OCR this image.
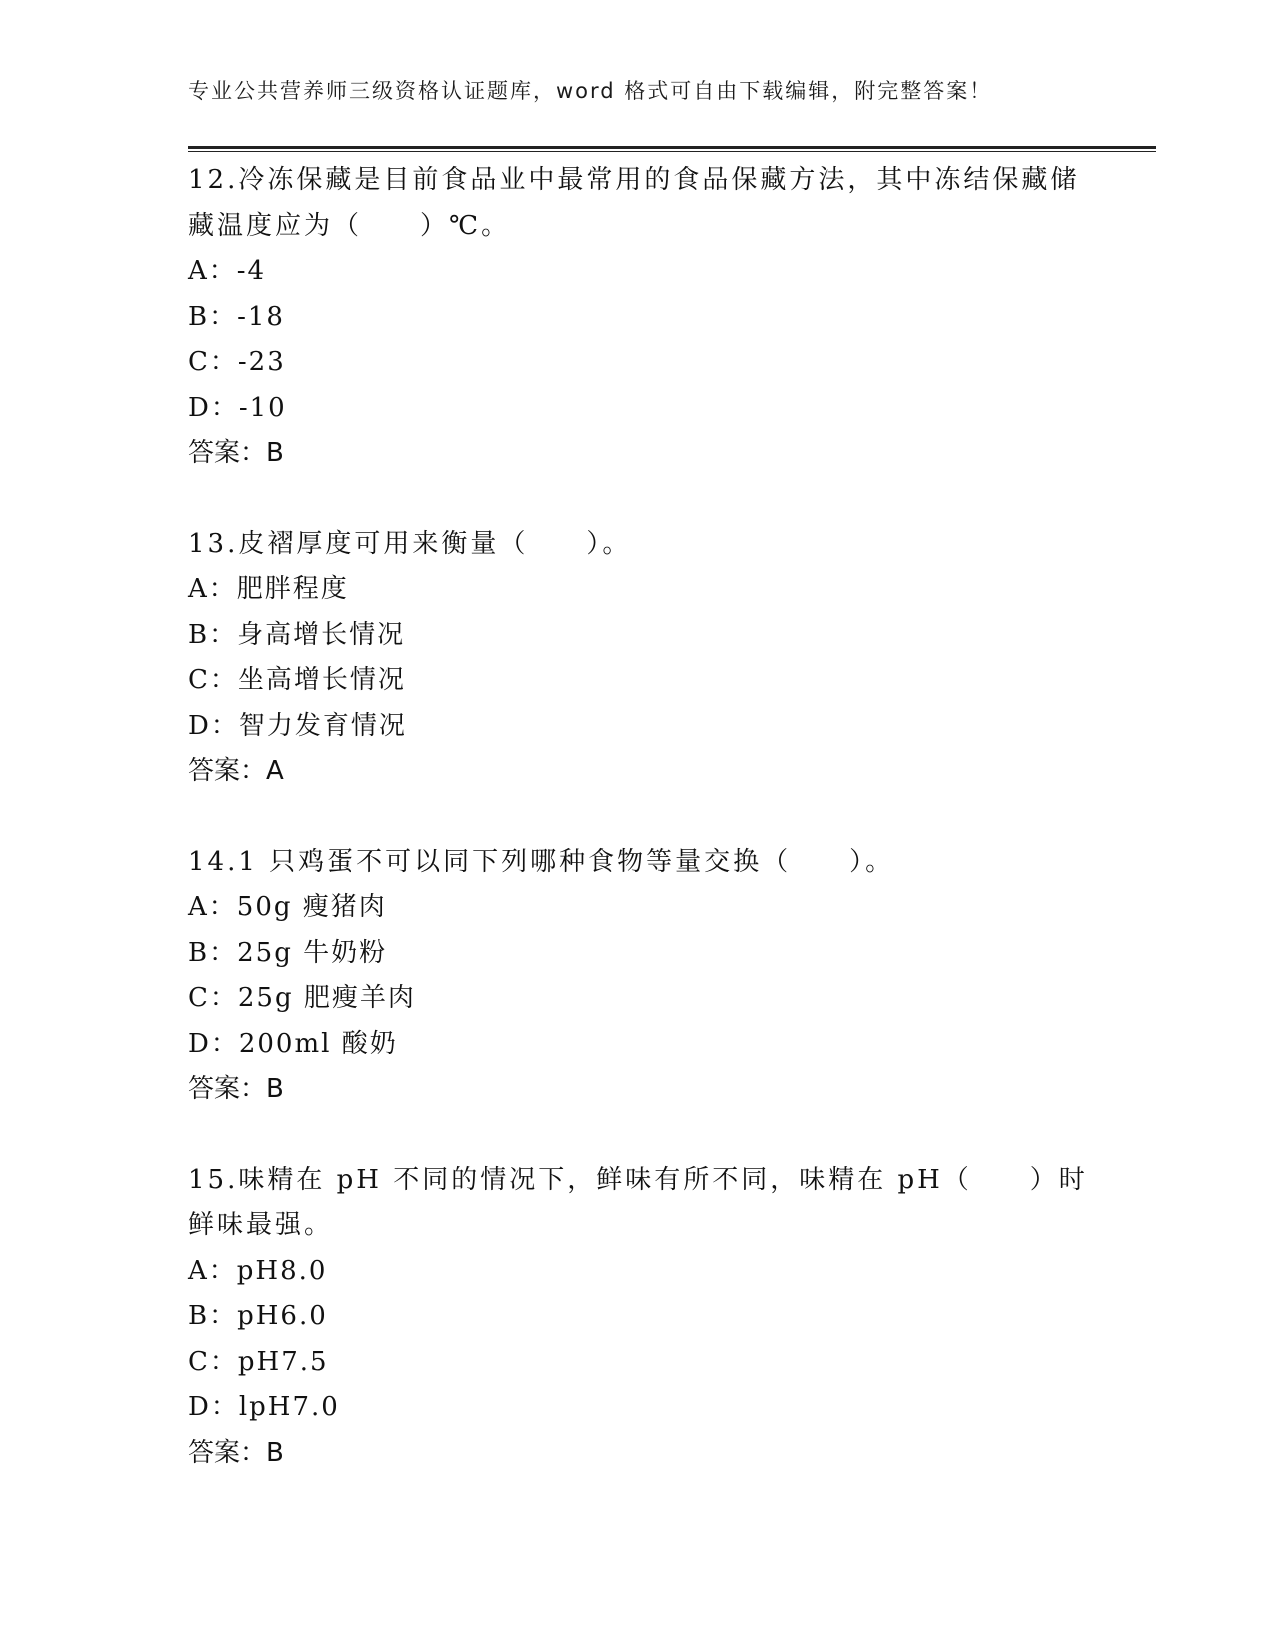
专业公共营养师三级资格认证题库，word 格式可自由下载编辑，附完整答案！

12.冷冻保藏是目前食品业中最常用的食品保藏方法，其中冻结保藏储藏温度应为（　　）℃。

A：-4

B：-18

C：-23

D：-10

答案：B

13.皮褶厚度可用来衡量（　　）。

A：肥胖程度

B：身高增长情况

C：坐高增长情况

D：智力发育情况

答案：A

14.1 只鸡蛋不可以同下列哪种食物等量交换（　　）。

A：50g 瘦猪肉

B：25g 牛奶粉

C：25g 肥瘦羊肉

D：200ml 酸奶

答案：B

15.味精在 pH 不同的情况下，鲜味有所不同，味精在 pH（　　）时鲜味最强。

A：pH8.0

B：pH6.0

C：pH7.5

D：lpH7.0

答案：B
